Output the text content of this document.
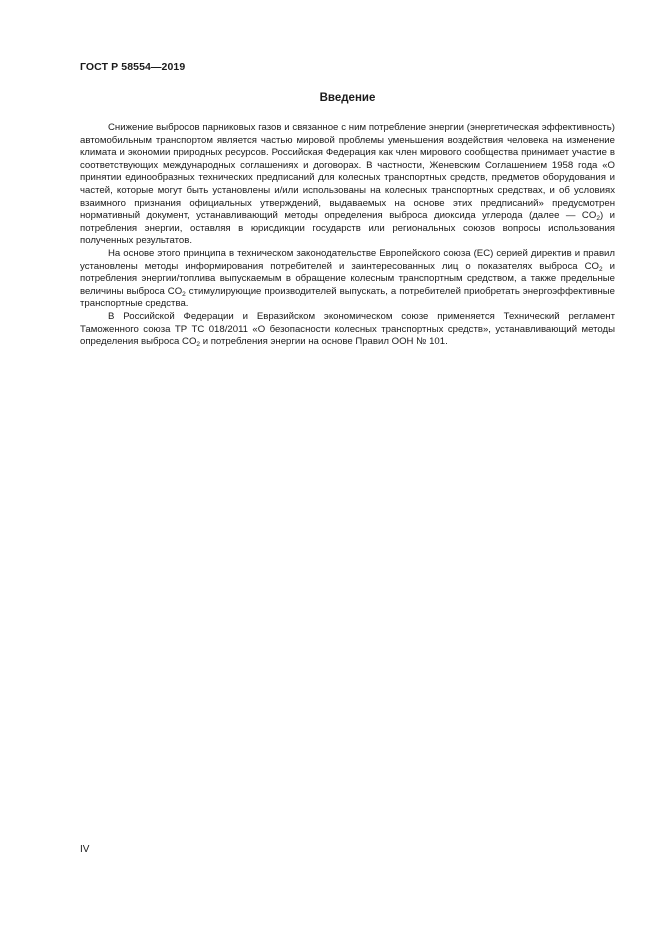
ГОСТ Р 58554—2019
Введение

Снижение выбросов парниковых газов и связанное с ним потребление энергии (энергетическая эффективность) автомобильным транспортом является частью мировой проблемы уменьшения воздействия человека на изменение климата и экономии природных ресурсов. Российская Федерация как член мирового сообщества принимает участие в соответствующих международных соглашениях и договорах. В частности, Женевским Соглашением 1958 года «О принятии единообразных технических предписаний для колесных транспортных средств, предметов оборудования и частей, которые могут быть установлены и/или использованы на колесных транспортных средствах, и об условиях взаимного признания официальных утверждений, выдаваемых на основе этих предписаний» предусмотрен нормативный документ, устанавливающий методы определения выброса диоксида углерода (далее — $CO_2$) и потребления энергии, оставляя в юрисдикции государств или региональных союзов вопросы использования полученных результатов.

На основе этого принципа в техническом законодательстве Европейского союза (ЕС) серией директив и правил установлены методы информирования потребителей и заинтересованных лиц о показателях выброса $CO_2$ и потребления энергии/топлива выпускаемым в обращение колесным транспортным средством, а также предельные величины выброса $CO_2$ стимулирующие производителей выпускать, а потребителей приобретать энергоэффективные транспортные средства.

В Российской Федерации и Евразийском экономическом союзе применяется Технический регламент Таможенного союза ТР ТС 018/2011 «О безопасности колесных транспортных средств», устанавливающий методы определения выброса $CO_2$ и потребления энергии на основе Правил ООН № 101.

IV
